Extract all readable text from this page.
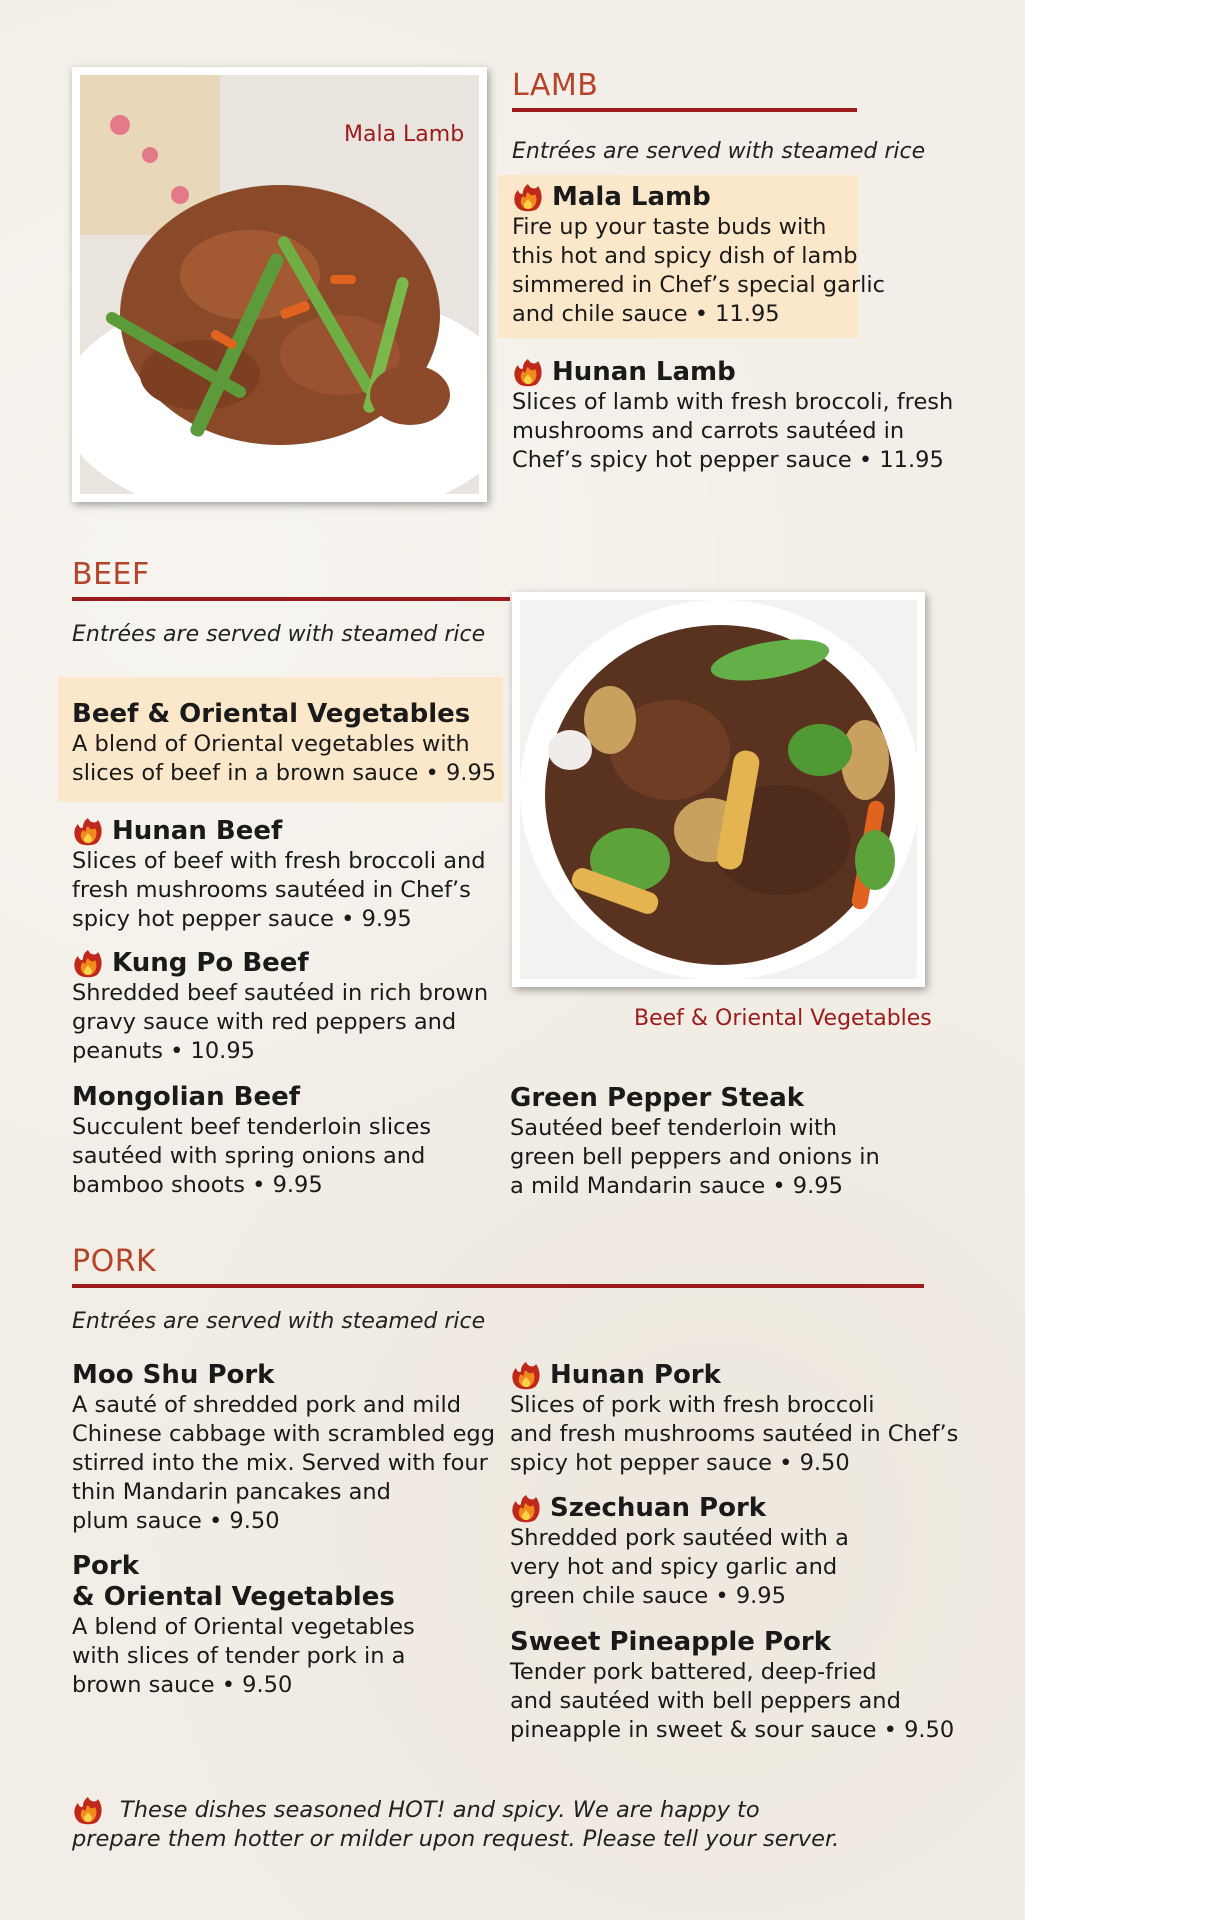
Mala Lamb
LAMB
Entrées are served with steamed rice
Mala Lamb
Fire up your taste buds with
this hot and spicy dish of lamb
simmered in Chef’s special garlic
and chile sauce • 11.95
Hunan Lamb
Slices of lamb with fresh broccoli, fresh
mushrooms and carrots sautéed in
Chef’s spicy hot pepper sauce • 11.95
BEEF
Entrées are served with steamed rice
Beef & Oriental Vegetables
A blend of Oriental vegetables with
slices of beef in a brown sauce • 9.95
Hunan Beef
Slices of beef with fresh broccoli and
fresh mushrooms sautéed in Chef’s
spicy hot pepper sauce • 9.95
Kung Po Beef
Shredded beef sautéed in rich brown
gravy sauce with red peppers and
peanuts • 10.95
Mongolian Beef
Succulent beef tenderloin slices
sautéed with spring onions and
bamboo shoots • 9.95
Beef & Oriental Vegetables
Green Pepper Steak
Sautéed beef tenderloin with
green bell peppers and onions in
a mild Mandarin sauce • 9.95
PORK
Entrées are served with steamed rice
Moo Shu Pork
A sauté of shredded pork and mild
Chinese cabbage with scrambled egg
stirred into the mix. Served with four
thin Mandarin pancakes and
plum sauce • 9.50
Pork
& Oriental Vegetables
A blend of Oriental vegetables
with slices of tender pork in a
brown sauce • 9.50
Hunan Pork
Slices of pork with fresh broccoli
and fresh mushrooms sautéed in Chef’s
spicy hot pepper sauce • 9.50
Szechuan Pork
Shredded pork sautéed with a
very hot and spicy garlic and
green chile sauce • 9.95
Sweet Pineapple Pork
Tender pork battered, deep-fried
and sautéed with bell peppers and
pineapple in sweet & sour sauce • 9.50
These dishes seasoned HOT! and spicy. We are happy to
prepare them hotter or milder upon request. Please tell your server.
